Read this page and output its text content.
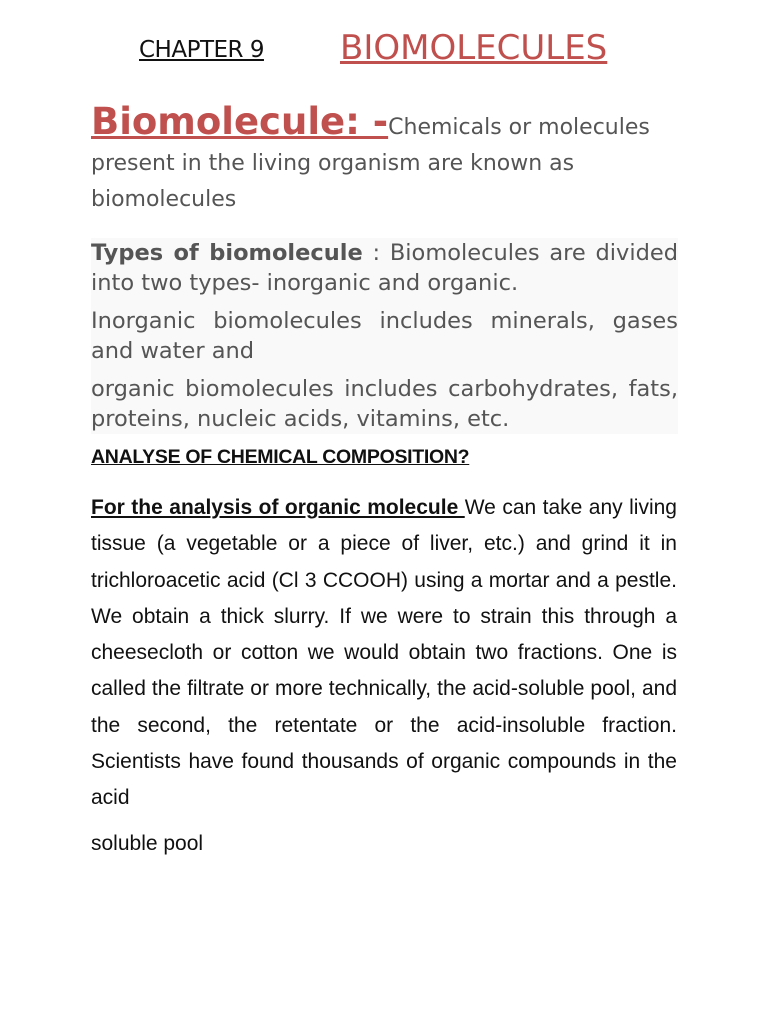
CHAPTER 9 BIOMOLECULES
Biomolecule: -Chemicals or molecules present in the living organism are known as biomolecules

Types of biomolecule : Biomolecules are divided into two types- inorganic and organic.

Inorganic biomolecules includes minerals, gases and water and

organic biomolecules includes carbohydrates, fats, proteins, nucleic acids, vitamins, etc.

ANALYSE OF CHEMICAL COMPOSITION?

For the analysis of organic molecule We can take any living tissue (a vegetable or a piece of liver, etc.) and grind it in trichloroacetic acid (Cl 3 CCOOH) using a mortar and a pestle. We obtain a thick slurry. If we were to strain this through a cheesecloth or cotton we would obtain two fractions. One is called the filtrate or more technically, the acid-soluble pool, and the second, the retentate or the acid-insoluble fraction. Scientists have found thousands of organic compounds in the acid

soluble pool
